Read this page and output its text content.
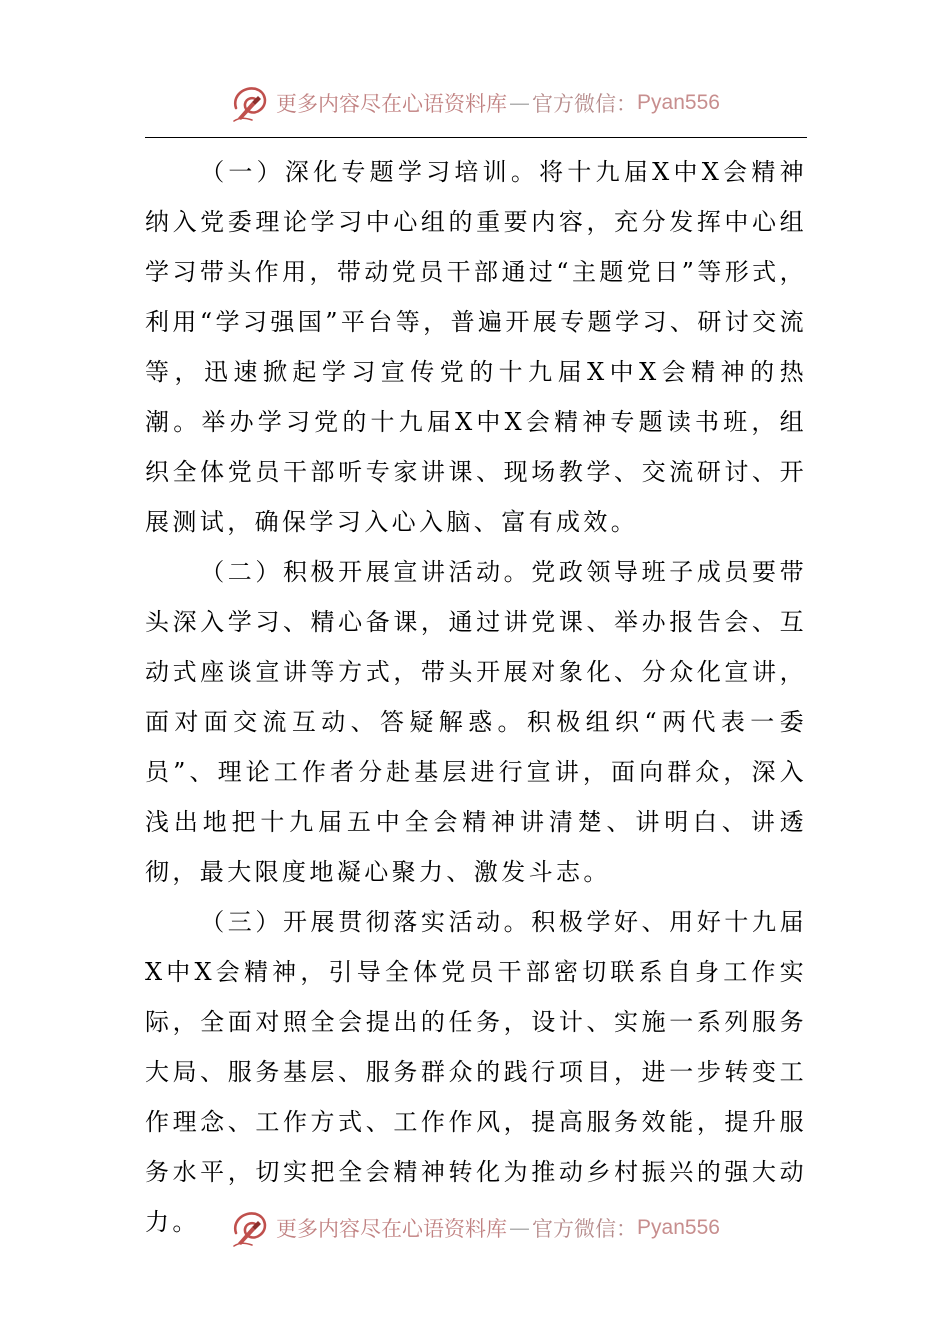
更多内容尽在心语资料库 — 官方微信： Pyan556

（一）深化专题学习培训。将十九届X中X会精神纳入党委理论学习中心组的重要内容，充分发挥中心组学习带头作用，带动党员干部通过“主题党日”等形式，利用“学习强国”平台等，普遍开展专题学习、研讨交流等，迅速掀起学习宣传党的十九届X中X会精神的热潮。举办学习党的十九届X中X会精神专题读书班，组织全体党员干部听专家讲课、现场教学、交流研讨、开展测试，确保学习入心入脑、富有成效。

（二）积极开展宣讲活动。党政领导班子成员要带头深入学习、精心备课，通过讲党课、举办报告会、互动式座谈宣讲等方式，带头开展对象化、分众化宣讲，面对面交流互动、答疑解惑。积极组织“两代表一委员”、理论工作者分赴基层进行宣讲，面向群众，深入浅出地把十九届五中全会精神讲清楚、讲明白、讲透彻，最大限度地凝心聚力、激发斗志。

（三）开展贯彻落实活动。积极学好、用好十九届X中X会精神，引导全体党员干部密切联系自身工作实际，全面对照全会提出的任务，设计、实施一系列服务大局、服务基层、服务群众的践行项目，进一步转变工作理念、工作方式、工作作风，提高服务效能，提升服务水平，切实把全会精神转化为推动乡村振兴的强大动力。	更多内容尽在心语资料库 — 官方微信： Pyan556
